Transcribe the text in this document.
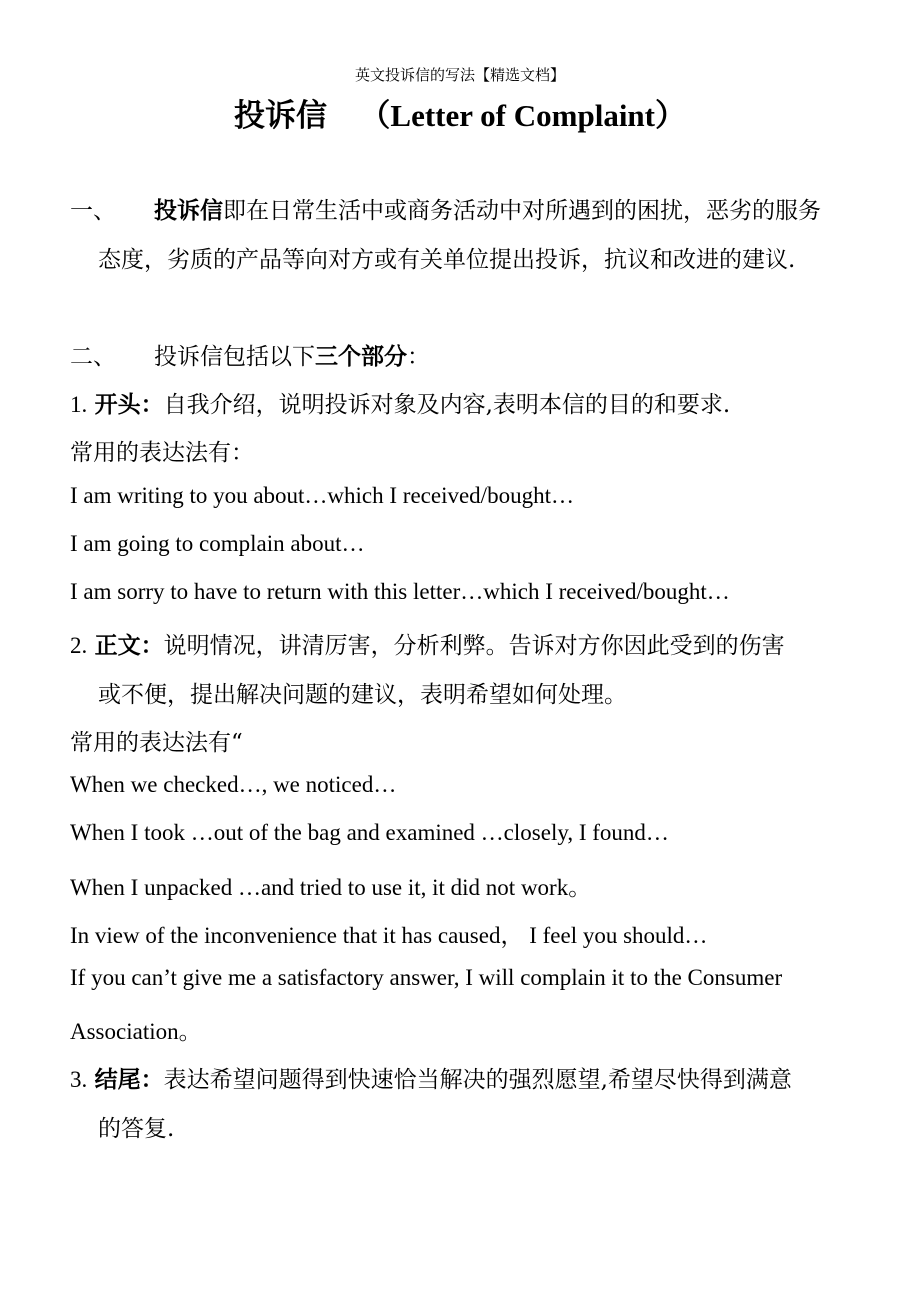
英文投诉信的写法【精选文档】
投诉信 （Letter of Complaint）
一、 投诉信即在日常生活中或商务活动中对所遇到的困扰，恶劣的服务
态度，劣质的产品等向对方或有关单位提出投诉，抗议和改进的建议.
二、 投诉信包括以下三个部分：
1. 开头：自我介绍，说明投诉对象及内容,表明本信的目的和要求.
常用的表达法有：
I am writing to you about…which I received/bought…
I am going to complain about…
I am sorry to have to return with this letter…which I received/bought…
2. 正文：说明情况，讲清厉害，分析利弊。告诉对方你因此受到的伤害
或不便，提出解决问题的建议，表明希望如何处理。
常用的表达法有“
When we checked…, we noticed…
When I took …out of the bag and examined …closely, I found…
When I unpacked …and tried to use it, it did not work。
In view of the inconvenience that it has caused， I feel you should…
If you can’t give me a satisfactory answer, I will complain it to the Consumer
Association。
3. 结尾：表达希望问题得到快速恰当解决的强烈愿望,希望尽快得到满意
的答复.
